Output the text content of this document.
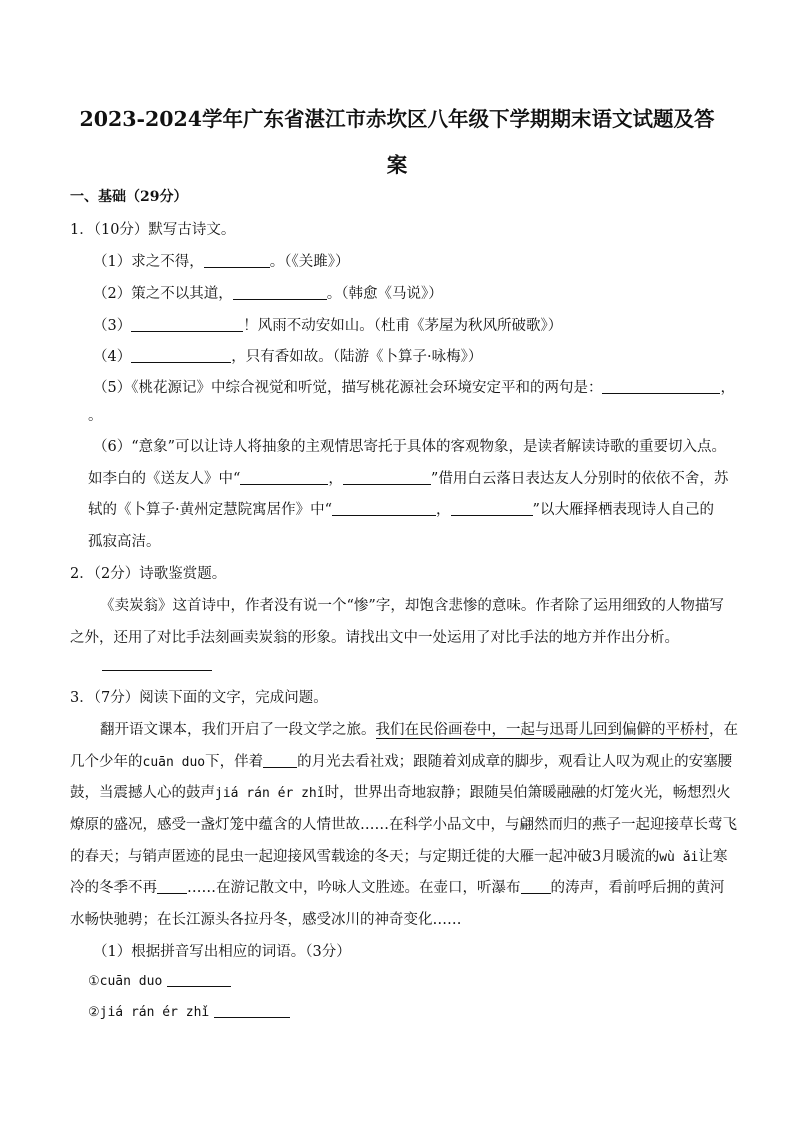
2023-2024学年广东省湛江市赤坎区八年级下学期期末语文试题及答
案
一、基础（29分）
1．（10分）默写古诗文。
（1）求之不得，	。（《关雎》）
（2）策之不以其道，	。（韩愈《马说》）
（3）	！风雨不动安如山。（杜甫《茅屋为秋风所破歌》）
（4）	，只有香如故。（陆游《卜算子·咏梅》）
（5）《桃花源记》中综合视觉和听觉，描写桃花源社会环境安定平和的两句是：	，
。
（6）“意象”可以让诗人将抽象的主观情思寄托于具体的客观物象，是读者解读诗歌的重要切入点。
如李白的《送友人》中“	，	”借用白云落日表达友人分别时的依依不舍，苏
轼的《卜算子·黄州定慧院寓居作》中“	，	”以大雁择栖表现诗人自己的
孤寂高洁。
2．（2分）诗歌鉴赏题。
《卖炭翁》这首诗中，作者没有说一个“惨”字，却饱含悲惨的意味。作者除了运用细致的人物描写
之外，还用了对比手法刻画卖炭翁的形象。请找出文中一处运用了对比手法的地方并作出分析。
3．（7分）阅读下面的文字，完成问题。
翻开语文课本，我们开启了一段文学之旅。我们在民俗画卷中，一起与迅哥儿回到偏僻的平桥村，在
几个少年的cuān duo下，伴着 的月光去看社戏；跟随着刘成章的脚步，观看让人叹为观止的安塞腰
鼓，当震撼人心的鼓声jiá rán ér zhǐ时，世界出奇地寂静；跟随吴伯箫暖融融的灯笼火光，畅想烈火
燎原的盛况，感受一盏灯笼中蕴含的人情世故……在科学小品文中，与翩然而归的燕子一起迎接草长莺飞
的春天；与销声匿迹的昆虫一起迎接风雪载途的冬天；与定期迁徙的大雁一起冲破3月暖流的wù ǎi让寒
冷的冬季不再 ……在游记散文中，吟咏人文胜迹。在壶口，听瀑布 的涛声，看前呼后拥的黄河
水畅快驰骋；在长江源头各拉丹冬，感受冰川的神奇变化……
（1）根据拼音写出相应的词语。（3分）
①cuān duo
②jiá rán ér zhǐ
